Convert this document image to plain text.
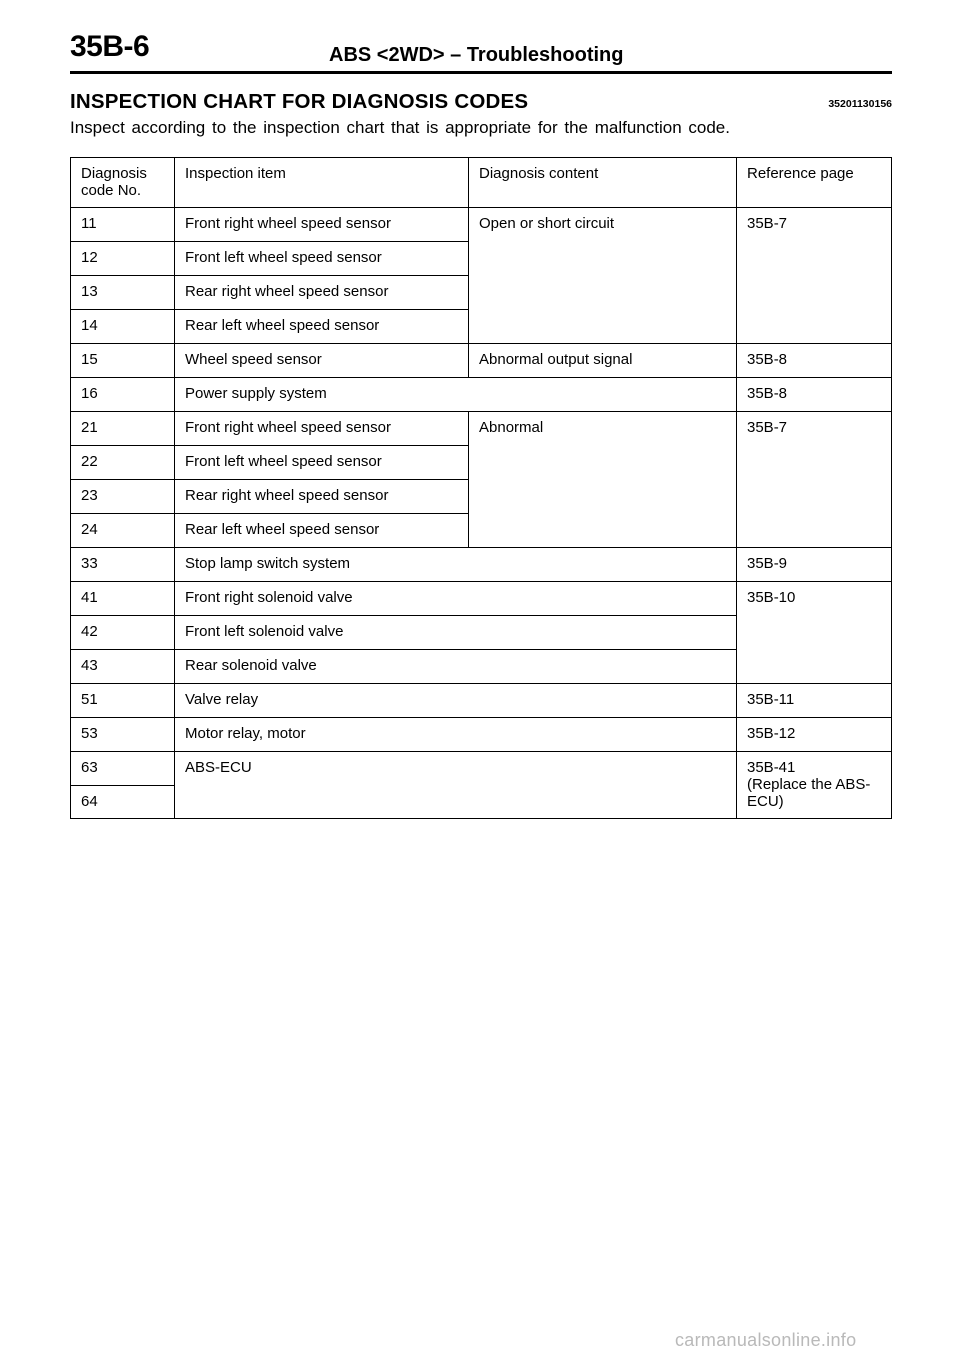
35B-6	ABS <2WD> – Troubleshooting
INSPECTION CHART FOR DIAGNOSIS CODES	35201130156
Inspect according to the inspection chart that is appropriate for the malfunction code.
Diagnosis code No.	Inspection item	Diagnosis content	Reference page
11	Front right wheel speed sensor	Open or short circuit	35B-7
12	Front left wheel speed sensor		
13	Rear right wheel speed sensor		
14	Rear left wheel speed sensor		
15	Wheel speed sensor	Abnormal output signal	35B-8
16	Power supply system		35B-8
21	Front right wheel speed sensor	Abnormal	35B-7
22	Front left wheel speed sensor		
23	Rear right wheel speed sensor		
24	Rear left wheel speed sensor		
33	Stop lamp switch system		35B-9
41	Front right solenoid valve		35B-10
42	Front left solenoid valve		
43	Rear solenoid valve		
51	Valve relay		35B-11
53	Motor relay, motor		35B-12
63	ABS-ECU		35B-41
(Replace the ABS-ECU)

64			
carmanualsonline.info
